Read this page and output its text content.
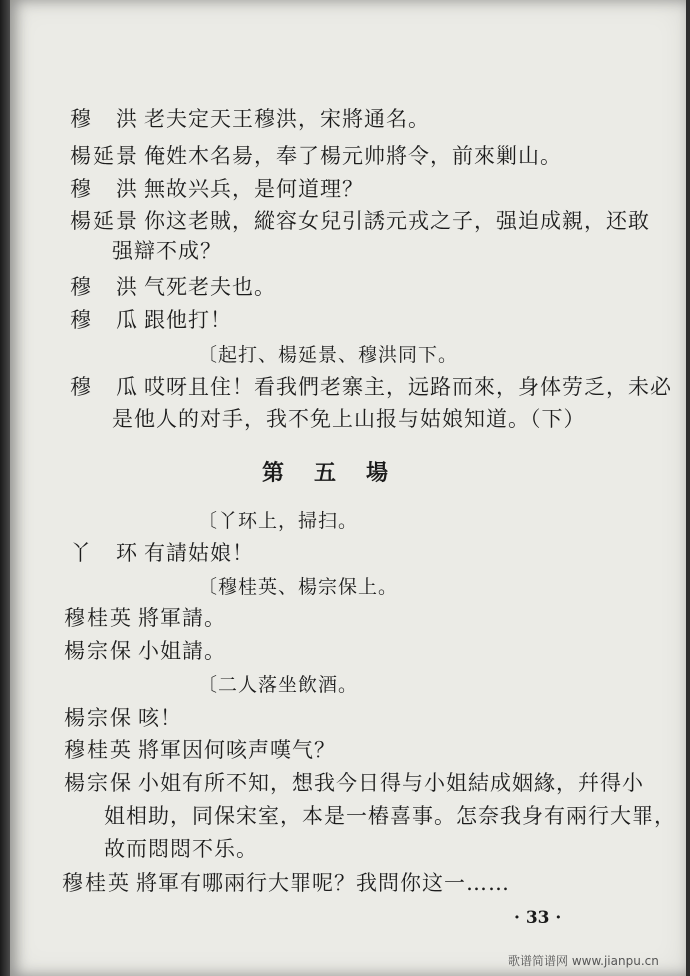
穆　洪 老夫定天王穆洪，宋將通名。
楊延景 俺姓木名昜，奉了楊元帅將令，前來剿山。
穆　洪 無故兴兵，是何道理？
楊延景 你这老賊，縱容女兒引誘元戎之子，强迫成親，还敢
强辯不成？
穆　洪 气死老夫也。
穆　瓜 跟他打！
〔起打、楊延景、穆洪同下。
穆　瓜 哎呀且住！看我們老寨主，远路而來，身体劳乏，未必
是他人的对手，我不免上山报与姑娘知道。（下）
第五場
〔丫环上，掃扫。
丫　环 有請姑娘！
〔穆桂英、楊宗保上。
穆桂英 將軍請。
楊宗保 小姐請。
〔二人落坐飲酒。
楊宗保 咳！
穆桂英 將軍因何咳声嘆气？
楊宗保 小姐有所不知，想我今日得与小姐結成姻緣，幷得小
姐相助，同保宋室，本是一樁喜事。怎奈我身有兩行大罪，
故而悶悶不乐。
穆桂英 將軍有哪兩行大罪呢？我問你这一……
· 33 ·
歌谱简谱网 www.jianpu.cn
